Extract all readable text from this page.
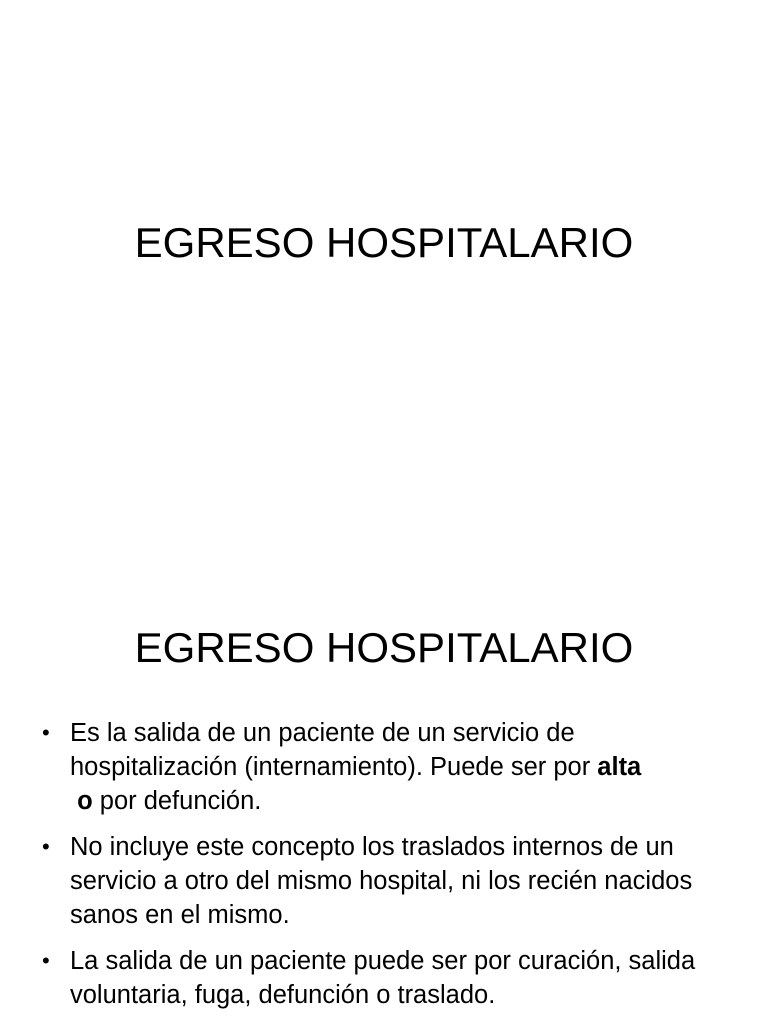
EGRESO HOSPITALARIO
EGRESO HOSPITALARIO
• Es la salida de un paciente de un servicio de hospitalización (internamiento). Puede ser por alta
o por defunción.
• No incluye este concepto los traslados internos de un servicio a otro del mismo hospital, ni los recién nacidos sanos en el mismo.
• La salida de un paciente puede ser por curación, salida voluntaria, fuga, defunción o traslado.
